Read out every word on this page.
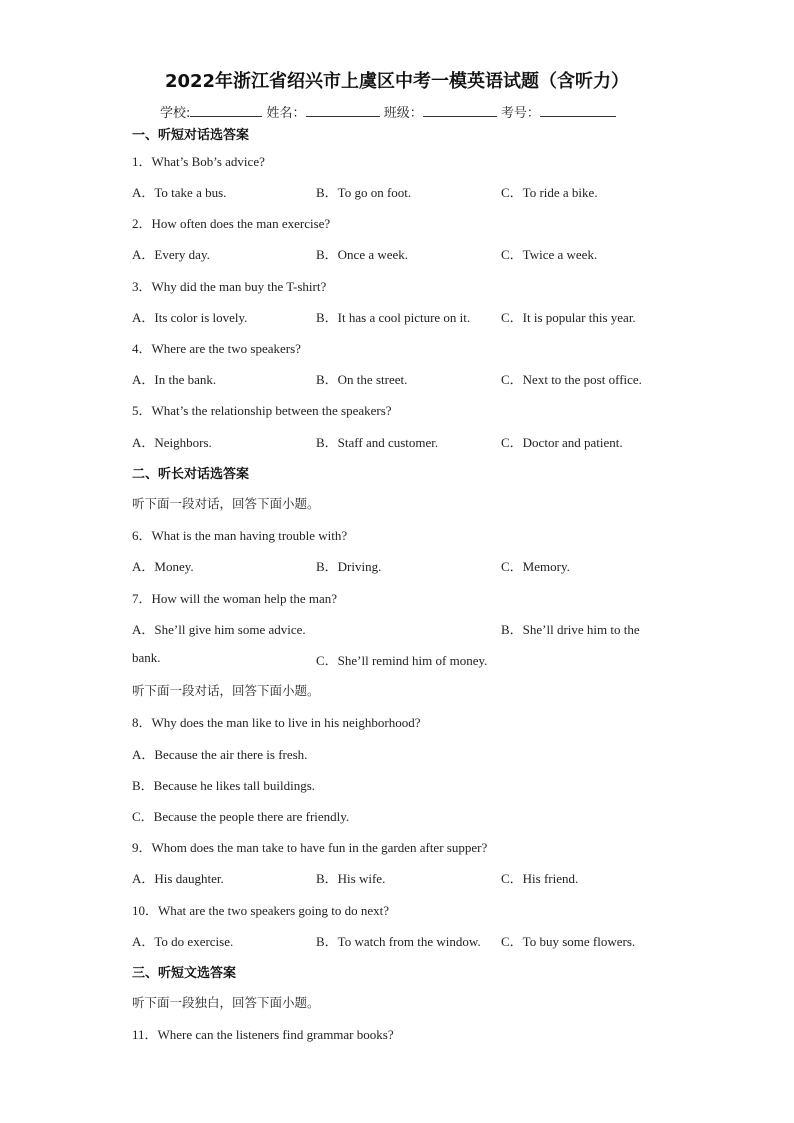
2022年浙江省绍兴市上虞区中考一模英语试题（含听力）
学校:	姓名：	班级：	考号：
一、听短对话选答案
1．What’s Bob’s advice?
A．To take a bus.	B．To go on foot.	C．To ride a bike.
2．How often does the man exercise?
A．Every day.	B．Once a week.	C．Twice a week.
3．Why did the man buy the T-shirt?
A．Its color is lovely.	B．It has a cool picture on it. C．It is popular this year.
4．Where are the two speakers?
A．In the bank.	B．On the street.	C．Next to the post office.
5．What’s the relationship between the speakers?
A．Neighbors.	B．Staff and customer.	C．Doctor and patient.
二、听长对话选答案
听下面一段对话，回答下面小题。
6．What is the man having trouble with?
A．Money.	B．Driving.	C．Memory.
7．How will the woman help the man?
A．She’ll give him some advice.	B．She’ll drive him to the
bank.	C．She’ll remind him of money.
听下面一段对话，回答下面小题。
8．Why does the man like to live in his neighborhood?
A．Because the air there is fresh.
B．Because he likes tall buildings.
C．Because the people there are friendly.
9．Whom does the man take to have fun in the garden after supper?
A．His daughter.	B．His wife.	C．His friend.
10．What are the two speakers going to do next?
A．To do exercise.	B．To watch from the window. C．To buy some flowers.
三、听短文选答案
听下面一段独白，回答下面小题。
11．Where can the listeners find grammar books?
